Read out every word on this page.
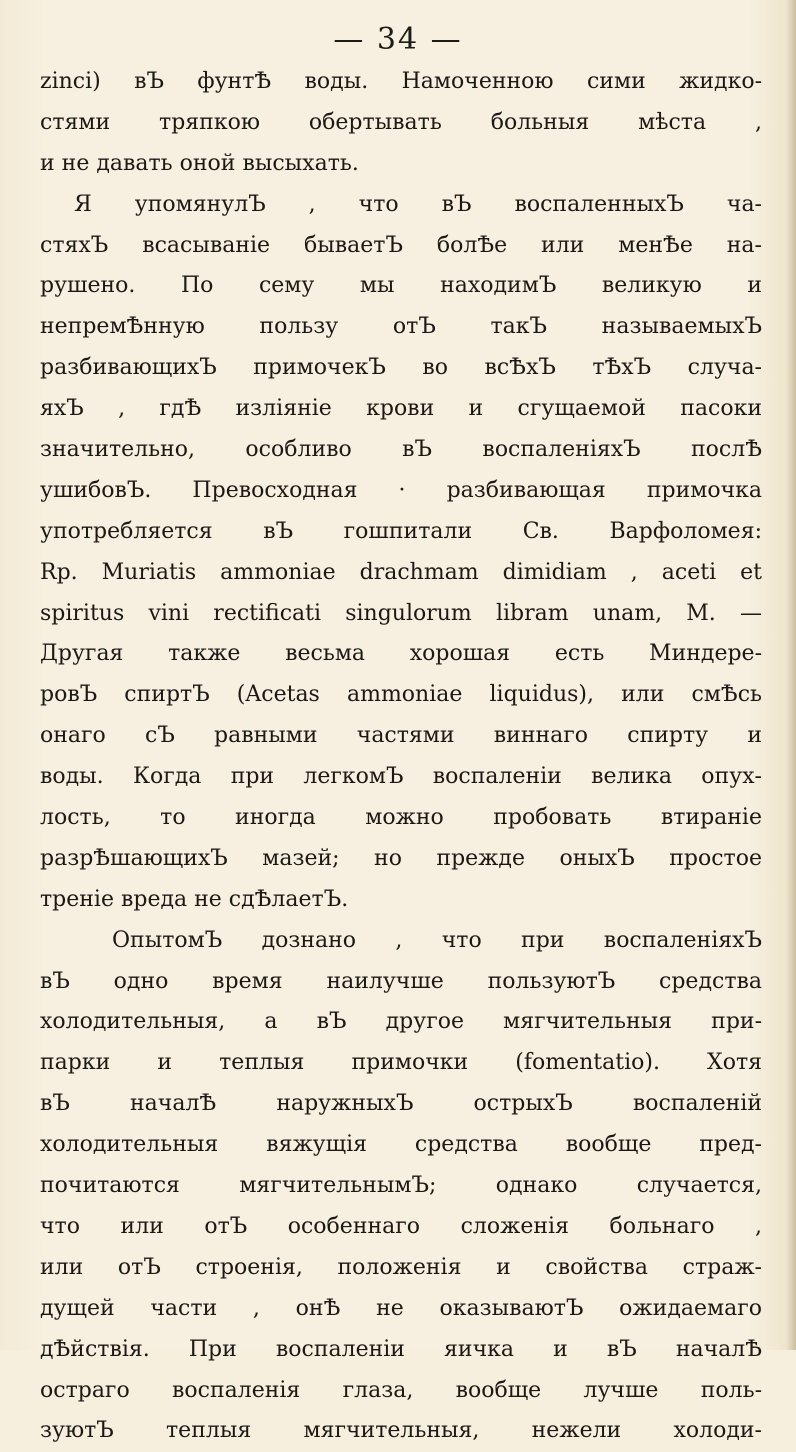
— 34 —
zinci) вЪ фунтѢ воды. Намоченною сими жидко-
стями тряпкою обертывать больныя мѣста ,
и не давать оной высыхать.
Я упомянулЪ , что вЪ воспаленныхЪ ча-
стяхЪ всасываніе бываетЪ болѢе или менѢе на-
рушено. По сему мы находимЪ великую и
непремѢнную пользу отЪ такЪ называемыхЪ
разбивающихЪ примочекЪ во всѢхЪ тѢхЪ случа-
яхЪ , гдѢ изліяніе крови и сгущаемой пасоки
значительно, особливо вЪ воспаленіяхЪ послѢ
ушибовЪ. Превосходная · разбивающая примочка
употребляется вЪ гошпитали Св. Варфоломея:
Rp. Muriatis ammoniae drachmam dimidiam , aceti et
spiritus vini rectificati singulorum libram unam, M. —
Другая также весьма хорошая есть Миндере-
ровЪ спиртЪ (Acetas ammoniae liquidus), или смѢсь
онаго сЪ равными частями виннаго спирту и
воды. Когда при легкомЪ воспаленіи велика опух-
лость, то иногда можно пробовать втираніе
разрѢшающихЪ мазей; но прежде оныхЪ простое
треніе вреда не сдѢлаетЪ.
ОпытомЪ дознано , что при воспаленіяхЪ
вЪ одно время наилучше пользуютЪ средства
холодительныя, а вЪ другое мягчительныя при-
парки и теплыя примочки (fomentatio). Хотя
вЪ началѢ наружныхЪ острыхЪ воспаленій
холодительныя вяжущія средства вообще пред-
почитаются мягчительнымЪ; однако случается,
что или отЪ особеннаго сложенія больнаго ,
или отЪ строенія, положенія и свойства страж-
дущей части , онѢ не оказываютЪ ожидаемаго
дѢйствія. При воспаленіи яичка и вЪ началѢ
остраго воспаленія глаза, вообще лучше поль-
зуютЪ теплыя мягчительныя, нежели холоди-
